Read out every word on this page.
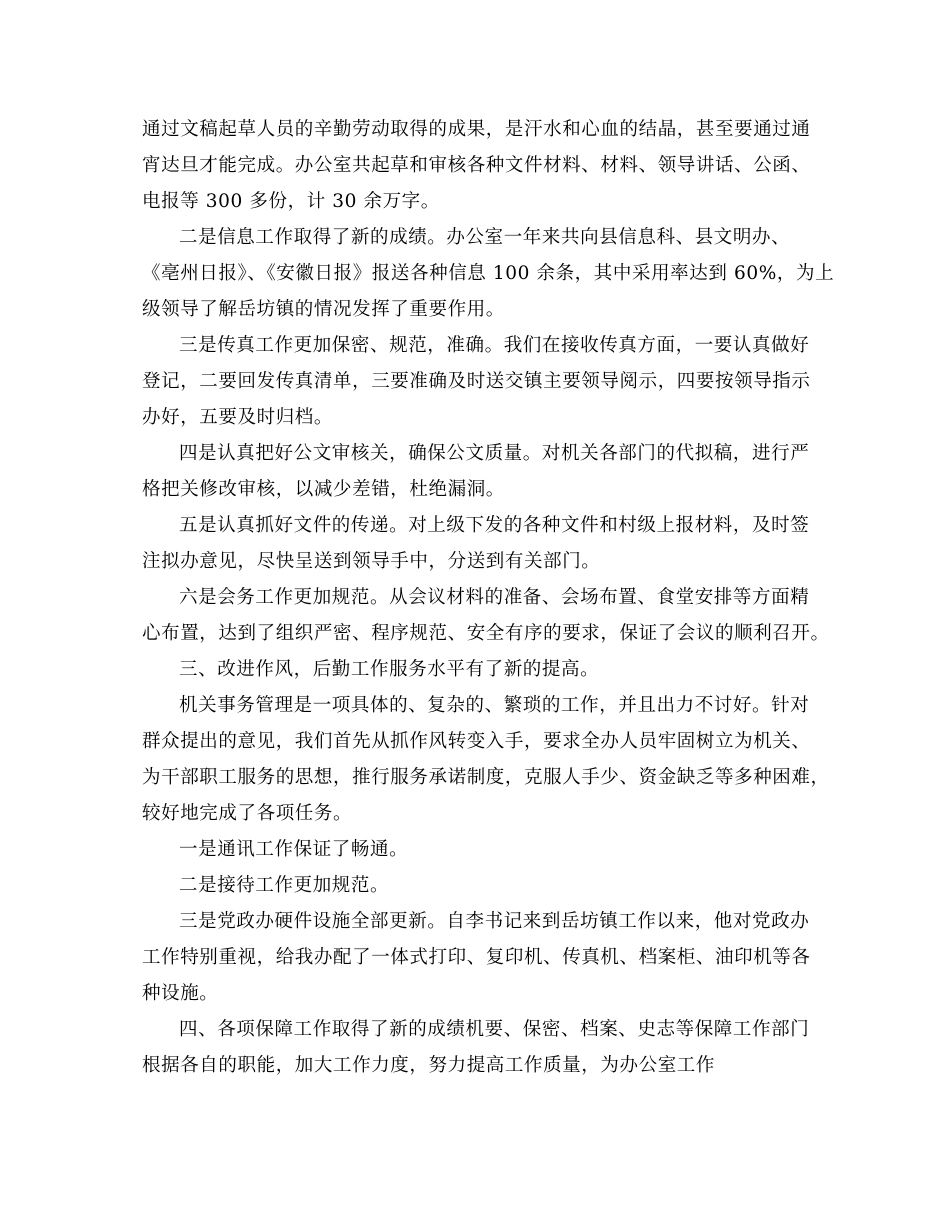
通过文稿起草人员的辛勤劳动取得的成果，是汗水和心血的结晶，甚至要通过通
宵达旦才能完成。办公室共起草和审核各种文件材料、材料、领导讲话、公函、
电报等 300 多份，计 30 余万字。

二是信息工作取得了新的成绩。办公室一年来共向县信息科、县文明办、
《亳州日报》、《安徽日报》报送各种信息 100 余条，其中采用率达到 60%，为上
级领导了解岳坊镇的情况发挥了重要作用。

三是传真工作更加保密、规范，准确。我们在接收传真方面，一要认真做好
登记，二要回发传真清单，三要准确及时送交镇主要领导阅示，四要按领导指示
办好，五要及时归档。

四是认真把好公文审核关，确保公文质量。对机关各部门的代拟稿，进行严
格把关修改审核，以减少差错，杜绝漏洞。

五是认真抓好文件的传递。对上级下发的各种文件和村级上报材料，及时签
注拟办意见，尽快呈送到领导手中，分送到有关部门。

六是会务工作更加规范。从会议材料的准备、会场布置、食堂安排等方面精
心布置，达到了组织严密、程序规范、安全有序的要求，保证了会议的顺利召开。

三、改进作风，后勤工作服务水平有了新的提高。

机关事务管理是一项具体的、复杂的、繁琐的工作，并且出力不讨好。针对
群众提出的意见，我们首先从抓作风转变入手，要求全办人员牢固树立为机关、
为干部职工服务的思想，推行服务承诺制度，克服人手少、资金缺乏等多种困难，
较好地完成了各项任务。

一是通讯工作保证了畅通。

二是接待工作更加规范。

三是党政办硬件设施全部更新。自李书记来到岳坊镇工作以来，他对党政办
工作特别重视，给我办配了一体式打印、复印机、传真机、档案柜、油印机等各
种设施。

四、各项保障工作取得了新的成绩机要、保密、档案、史志等保障工作部门
根据各自的职能，加大工作力度，努力提高工作质量，为办公室工作
